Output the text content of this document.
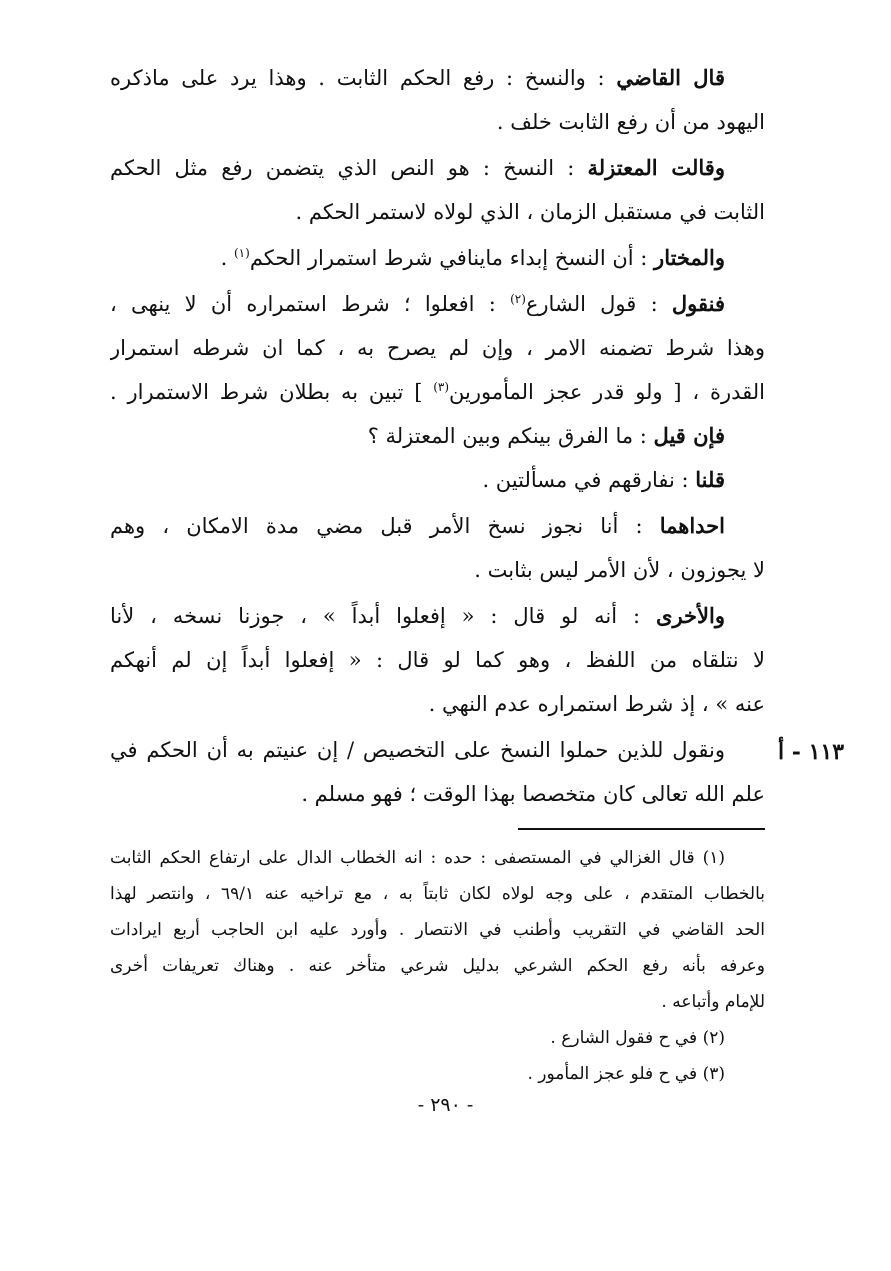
١١٣ - أ
قال القاضي : والنسخ : رفع الحكم الثابت . وهذا يرد على ماذكره
اليهود من أن رفع الثابت خلف .
وقالت المعتزلة : النسخ : هو النص الذي يتضمن رفع مثل الحكم
الثابت في مستقبل الزمان ، الذي لولاه لاستمر الحكم .
والمختار : أن النسخ إبداء ماينافي شرط استمرار الحكم$^{(١)}$ .
فنقول : قول الشارع$^{(٢)}$ : افعلوا ؛ شرط استمراره أن لا ينهى ،
وهذا شرط تضمنه الامر ، وإن لم يصرح به ، كما ان شرطه استمرار
القدرة ، [ ولو قدر عجز المأمورين$^{(٣)}$ ] تبين به بطلان شرط الاستمرار .
فإن قيل : ما الفرق بينكم وبين المعتزلة ؟
قلنا : نفارقهم في مسألتين .
احداهما : أنا نجوز نسخ الأمر قبل مضي مدة الامكان ، وهم
لا يجوزون ، لأن الأمر ليس بثابت .
والأخرى : أنه لو قال : « إفعلوا أبداً » ، جوزنا نسخه ، لأنا
لا نتلقاه من اللفظ ، وهو كما لو قال : « إفعلوا أبداً إن لم أنهكم
عنه » ، إذ شرط استمراره عدم النهي .
ونقول للذين حملوا النسخ على التخصيص / إن عنيتم به أن الحكم في
علم الله تعالى كان متخصصا بهذا الوقت ؛ فهو مسلم .
(١) قال الغزالي في المستصفى : حده : انه الخطاب الدال على ارتفاع الحكم الثابت
بالخطاب المتقدم ، على وجه لولاه لكان ثابتاً به ، مع تراخيه عنه ٦٩/١ ، وانتصر لهذا
الحد القاضي في التقريب وأطنب في الانتصار . وأورد عليه ابن الحاجب أربع ايرادات
وعرفه بأنه رفع الحكم الشرعي بدليل شرعي متأخر عنه . وهناك تعريفات أخرى
للإمام وأتباعه .
(٢) في ح فقول الشارع .
(٣) في ح فلو عجز المأمور .
- ٢٩٠ -
